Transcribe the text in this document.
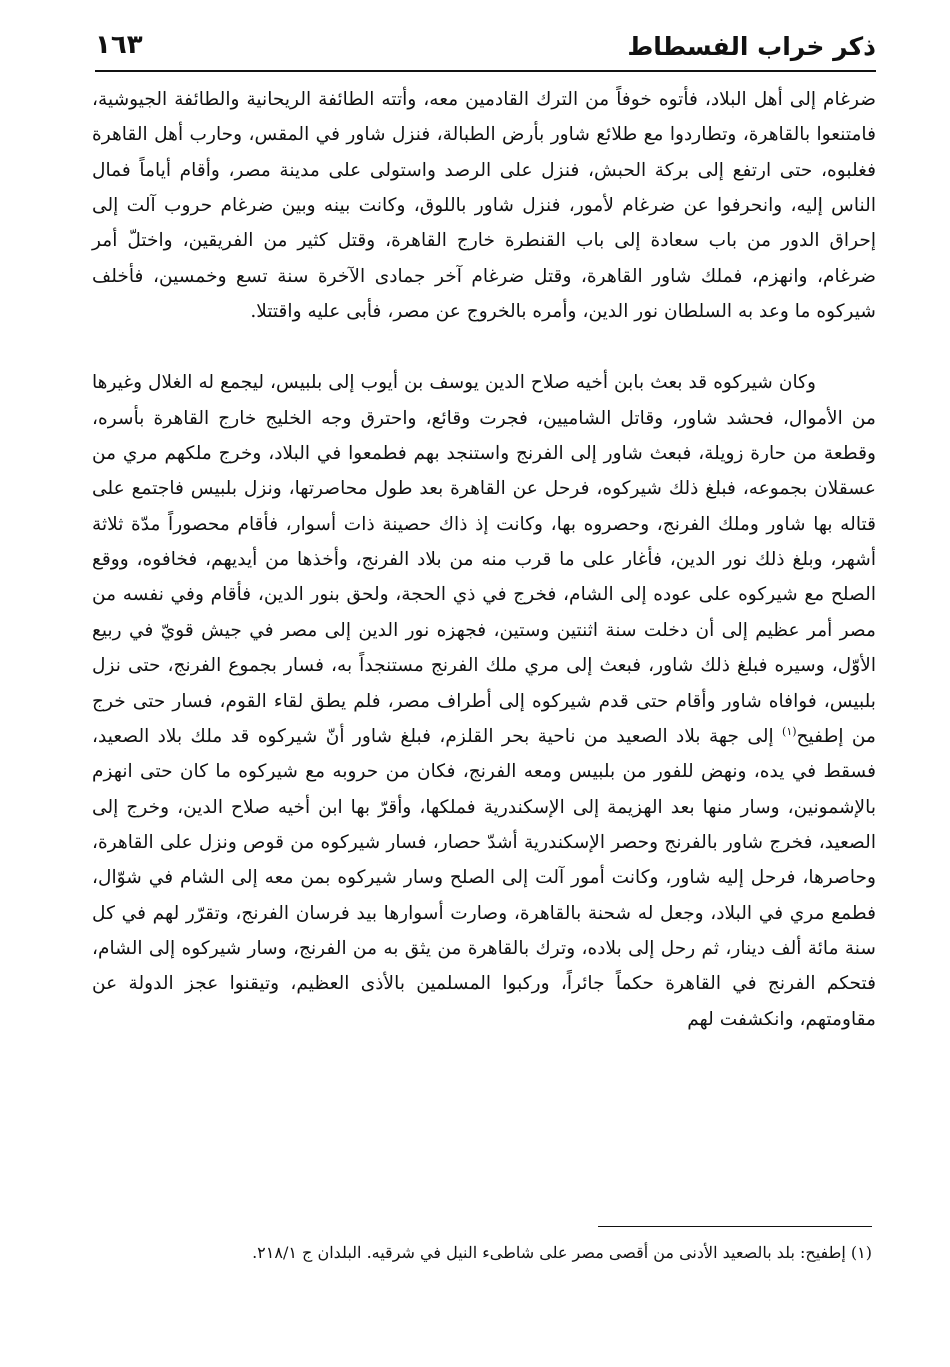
ذكر خراب الفسطاط
١٦٣

ضرغام إلى أهل البلاد، فأتوه خوفاً من الترك القادمين معه، وأتته الطائفة الريحانية والطائفة الجيوشية، فامتنعوا بالقاهرة، وتطاردوا مع طلائع شاور بأرض الطبالة، فنزل شاور في المقس، وحارب أهل القاهرة فغلبوه، حتى ارتفع إلى بركة الحبش، فنزل على الرصد واستولى على مدينة مصر، وأقام أياماً فمال الناس إليه، وانحرفوا عن ضرغام لأمور، فنزل شاور باللوق، وكانت بينه وبين ضرغام حروب آلت إلى إحراق الدور من باب سعادة إلى باب القنطرة خارج القاهرة، وقتل كثير من الفريقين، واختلّ أمر ضرغام، وانهزم، فملك شاور القاهرة، وقتل ضرغام آخر جمادى الآخرة سنة تسع وخمسين، فأخلف شيركوه ما وعد به السلطان نور الدين، وأمره بالخروج عن مصر، فأبى عليه واقتتلا.

وكان شيركوه قد بعث بابن أخيه صلاح الدين يوسف بن أيوب إلى بلبيس، ليجمع له الغلال وغيرها من الأموال، فحشد شاور، وقاتل الشاميين، فجرت وقائع، واحترق وجه الخليج خارج القاهرة بأسره، وقطعة من حارة زويلة، فبعث شاور إلى الفرنج واستنجد بهم فطمعوا في البلاد، وخرج ملكهم مري من عسقلان بجموعه، فبلغ ذلك شيركوه، فرحل عن القاهرة بعد طول محاصرتها، ونزل بلبيس فاجتمع على قتاله بها شاور وملك الفرنج، وحصروه بها، وكانت إذ ذاك حصينة ذات أسوار، فأقام محصوراً مدّة ثلاثة أشهر، وبلغ ذلك نور الدين، فأغار على ما قرب منه من بلاد الفرنج، وأخذها من أيديهم، فخافوه، ووقع الصلح مع شيركوه على عوده إلى الشام، فخرج في ذي الحجة، ولحق بنور الدين، فأقام وفي نفسه من مصر أمر عظيم إلى أن دخلت سنة اثنتين وستين، فجهزه نور الدين إلى مصر في جيش قويّ في ربيع الأوّل، وسيره فبلغ ذلك شاور، فبعث إلى مري ملك الفرنج مستنجداً به، فسار بجموع الفرنج، حتى نزل بلبيس، فوافاه شاور وأقام حتى قدم شيركوه إلى أطراف مصر، فلم يطق لقاء القوم، فسار حتى خرج من إطفيح$^{(١)}$ إلى جهة بلاد الصعيد من ناحية بحر القلزم، فبلغ شاور أنّ شيركوه قد ملك بلاد الصعيد، فسقط في يده، ونهض للفور من بلبيس ومعه الفرنج، فكان من حروبه مع شيركوه ما كان حتى انهزم بالإشمونين، وسار منها بعد الهزيمة إلى الإسكندرية فملكها، وأقرّ بها ابن أخيه صلاح الدين، وخرج إلى الصعيد، فخرج شاور بالفرنج وحصر الإسكندرية أشدّ حصار، فسار شيركوه من قوص ونزل على القاهرة، وحاصرها، فرحل إليه شاور، وكانت أمور آلت إلى الصلح وسار شيركوه بمن معه إلى الشام في شوّال، فطمع مري في البلاد، وجعل له شحنة بالقاهرة، وصارت أسوارها بيد فرسان الفرنج، وتقرّر لهم في كل سنة مائة ألف دينار، ثم رحل إلى بلاده، وترك بالقاهرة من يثق به من الفرنج، وسار شيركوه إلى الشام، فتحكم الفرنج في القاهرة حكماً جائراً، وركبوا المسلمين بالأذى العظيم، وتيقنوا عجز الدولة عن مقاومتهم، وانكشفت لهم

(١) إطفيح: بلد بالصعيد الأدنى من أقصى مصر على شاطىء النيل في شرقيه. البلدان ج ٢١٨/١.
